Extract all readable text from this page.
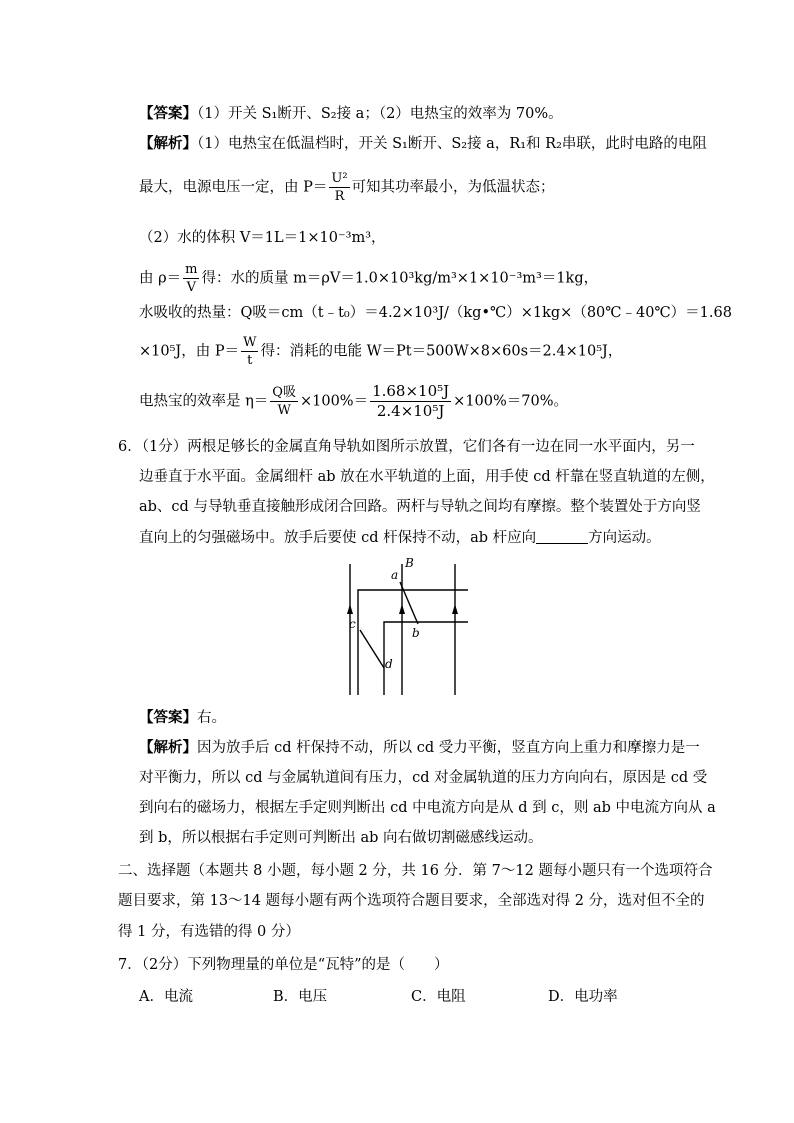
【答案】（1）开关 S₁断开、S₂接 a；（2）电热宝的效率为 70%。
【解析】（1）电热宝在低温档时，开关 S₁断开、S₂接 a，R₁和 R₂串联，此时电路的电阻
最大，电源电压一定，由 $P= \frac{\text{U²}}{R}$ 可知其功率最小，为低温状态；
（2）水的体积 V＝1L＝1×10⁻³m³，
由 $\rho= \frac{m}{V}$ 得：水的质量 m＝ρV＝1.0×10³kg/m³×1×10⁻³m³＝1kg，
水吸收的热量：Q吸＝cm（t﹣t₀）＝4.2×10³J/（kg•℃）×1kg×（80℃﹣40℃）＝1.68
×10⁵J，由 $P= \frac{W}{t}$ 得：消耗的电能 W＝Pt＝500W×8×60s＝2.4×10⁵J，
电热宝的效率是 $\eta= \frac{\text{Q吸}}{W} \times 100\%= \frac{\text{1.68×10⁵J}}{\text{2.4×10⁵J}} \times 100\%=70\%$。
6．（1分）两根足够长的金属直角导轨如图所示放置，它们各有一边在同一水平面内，另一
边垂直于水平面。金属细杆 ab 放在水平轨道的上面，用手使 cd 杆靠在竖直轨道的左侧，
ab、cd 与导轨垂直接触形成闭合回路。两杆与导轨之间均有摩擦。整个装置处于方向竖
直向上的匀强磁场中。放手后要使 cd 杆保持不动，ab 杆应向	方向运动。
B
a
b
c
d
【答案】右。
【解析】因为放手后 cd 杆保持不动，所以 cd 受力平衡，竖直方向上重力和摩擦力是一
对平衡力，所以 cd 与金属轨道间有压力，cd 对金属轨道的压力方向向右，原因是 cd 受
到向右的磁场力，根据左手定则判断出 cd 中电流方向是从 d 到 c，则 ab 中电流方向从 a
到 b，所以根据右手定则可判断出 ab 向右做切割磁感线运动。
二、选择题（本题共 8 小题，每小题 2 分，共 16 分．第 7～12 题每小题只有一个选项符合
题目要求，第 13～14 题每小题有两个选项符合题目要求，全部选对得 2 分，选对但不全的
得 1 分，有选错的得 0 分）
7．（2分）下列物理量的单位是“瓦特”的是（　　）
A．电流	B．电压	C．电阻	D．电功率
